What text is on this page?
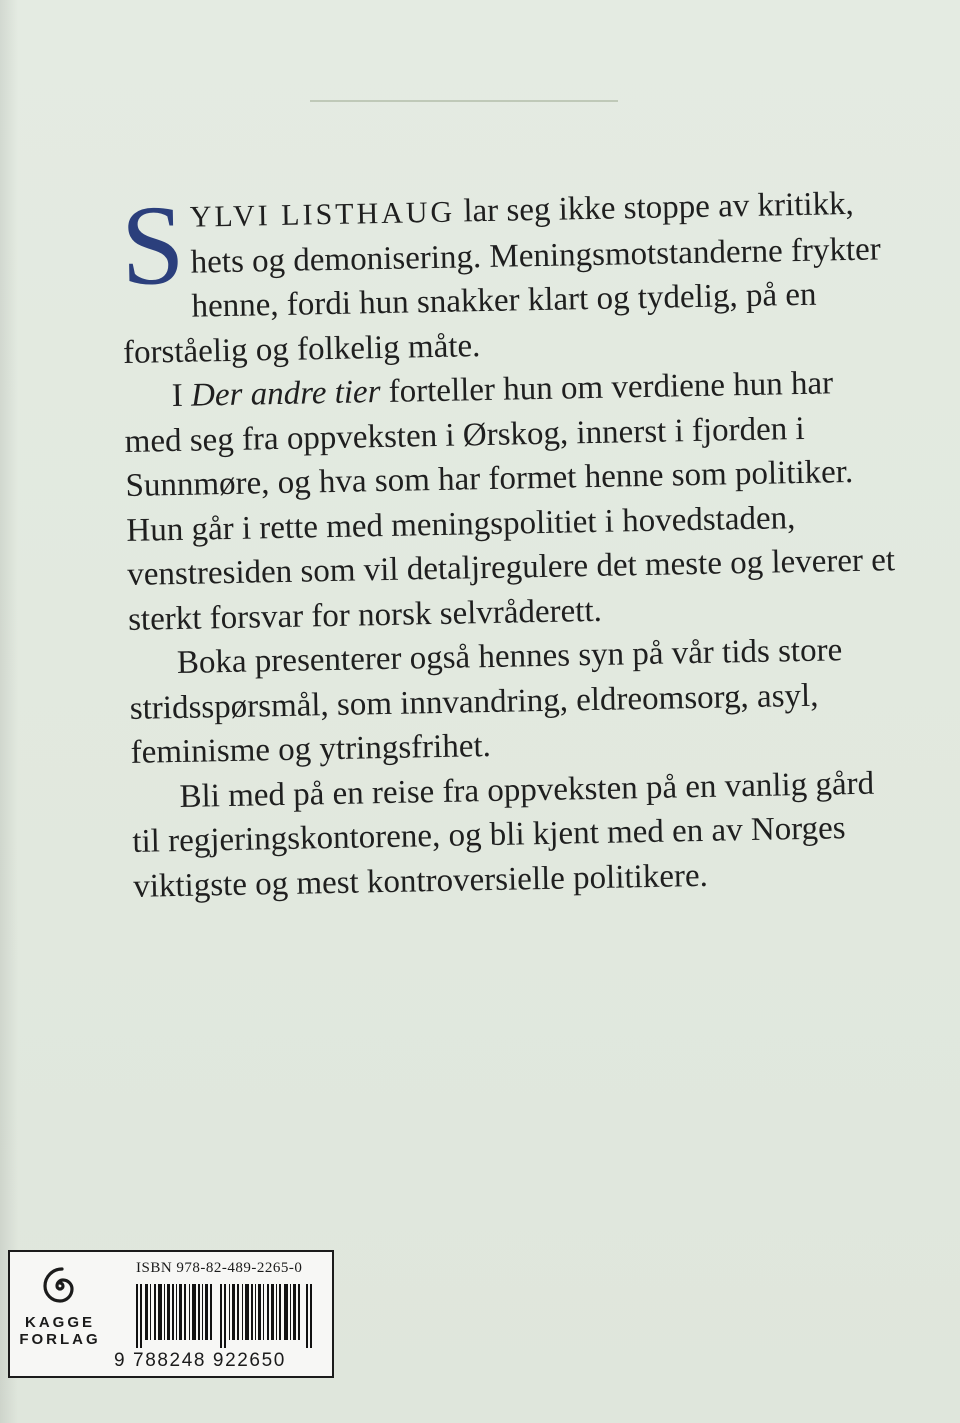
SYLVI LISTHAUG lar seg ikke stoppe av kritikk, hets og demonisering. Meningsmotstanderne frykter henne, fordi hun snakker klart og tydelig, på en forståelig og folkelig måte.

I Der andre tier forteller hun om verdiene hun har med seg fra oppveksten i Ørskog, innerst i fjorden i Sunnmøre, og hva som har formet henne som politiker. Hun går i rette med meningspolitiet i hovedstaden, venstresiden som vil detaljregulere det meste og leverer et sterkt forsvar for norsk selvråderett.

Boka presenterer også hennes syn på vår tids store stridsspørsmål, som innvandring, eldreomsorg, asyl, feminisme og ytringsfrihet.

Bli med på en reise fra oppveksten på en vanlig gård til regjeringskontorene, og bli kjent med en av Norges viktigste og mest kontroversielle politikere.

KAGGE
FORLAG
ISBN 978-82-489-2265-0
9 788248 922650
